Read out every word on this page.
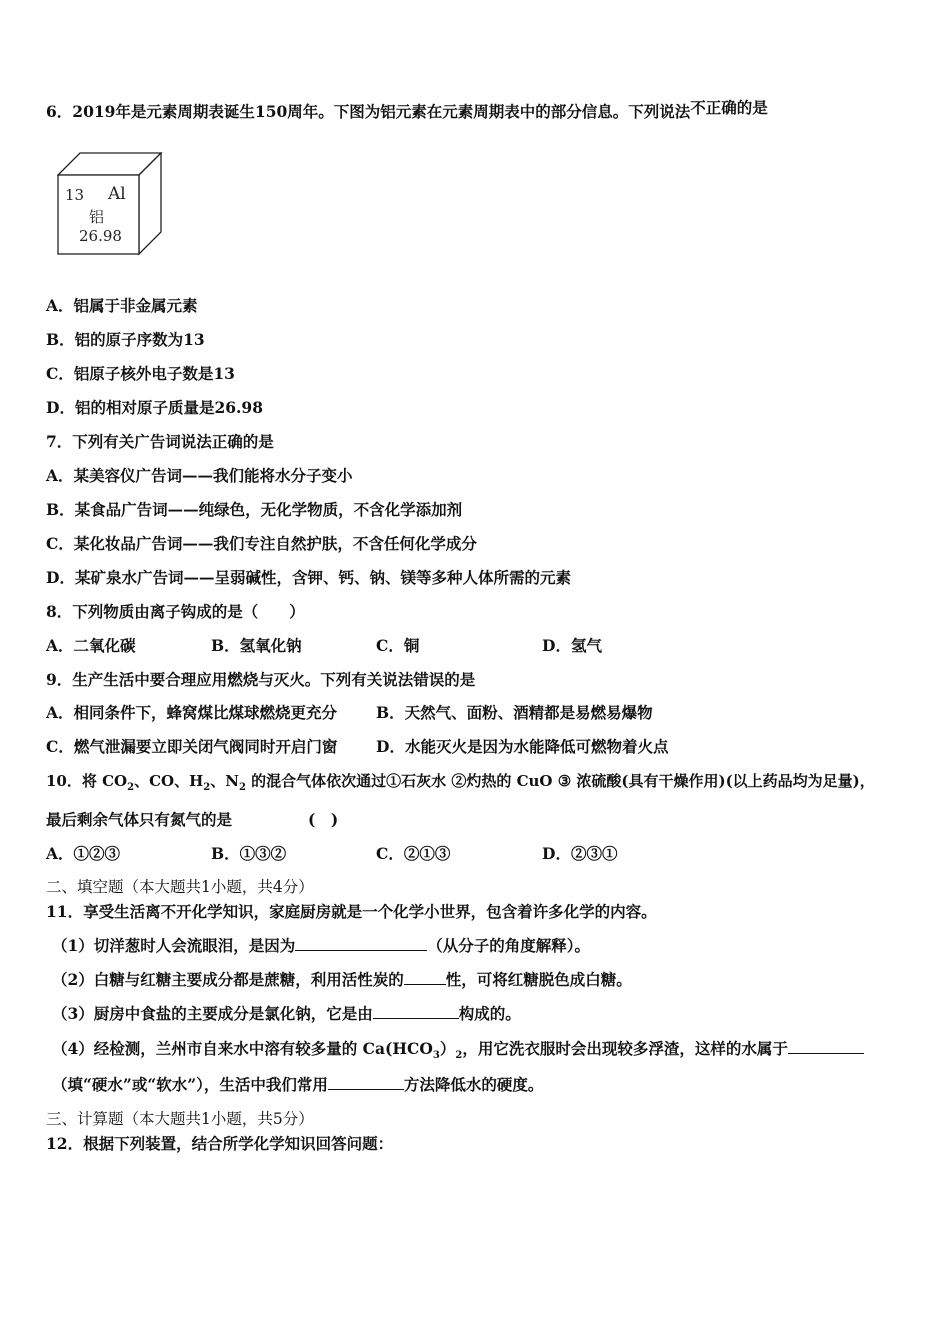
6．2019年是元素周期表诞生150周年。下图为铝元素在元素周期表中的部分信息。下列说法不正确的是
13 Al
铝
26.98
A．铝属于非金属元素
B．铝的原子序数为13
C．铝原子核外电子数是13
D．铝的相对原子质量是26.98
7．下列有关广告词说法正确的是
A．某美容仪广告词——我们能将水分子变小
B．某食品广告词——纯绿色，无化学物质，不含化学添加剂
C．某化妆品广告词——我们专注自然护肤，不含任何化学成分
D．某矿泉水广告词——呈弱碱性，含钾、钙、钠、镁等多种人体所需的元素
8．下列物质由离子钩成的是（　　）
A．二氧化碳	B．氢氧化钠	C．铜	D．氢气
9．生产生活中要合理应用燃烧与灭火。下列有关说法错误的是
A．相同条件下，蜂窝煤比煤球燃烧更充分	B．天然气、面粉、酒精都是易燃易爆物
C．燃气泄漏要立即关闭气阀同时开启门窗 D．水能灭火是因为水能降低可燃物着火点
10．将 $CO_2$、CO、$H_2$、$N_2$ 的混合气体依次通过①石灰水 ②灼热的 CuO ③ 浓硫酸(具有干燥作用)(以上药品均为足量)，
最后剩余气体只有氮气的是	(　)
A．①②③	B．①③②	C．②①③	D．②③①
二、填空题（本大题共1小题，共4分）
11．享受生活离不开化学知识，家庭厨房就是一个化学小世界，包含着许多化学的内容。
（1）切洋葱时人会流眼泪，是因为	（从分子的角度解释）。
（2）白糖与红糖主要成分都是蔗糖，利用活性炭的	性，可将红糖脱色成白糖。
（3）厨房中食盐的主要成分是氯化钠，它是由	构成的。
（4）经检测，兰州市自来水中溶有较多量的 $Ca(HCO_3)_2$，用它洗衣服时会出现较多浮渣，这样的水属于
（填“硬水”或“软水”），生活中我们常用	方法降低水的硬度。
三、计算题（本大题共1小题，共5分）
12．根据下列装置，结合所学化学知识回答问题：
